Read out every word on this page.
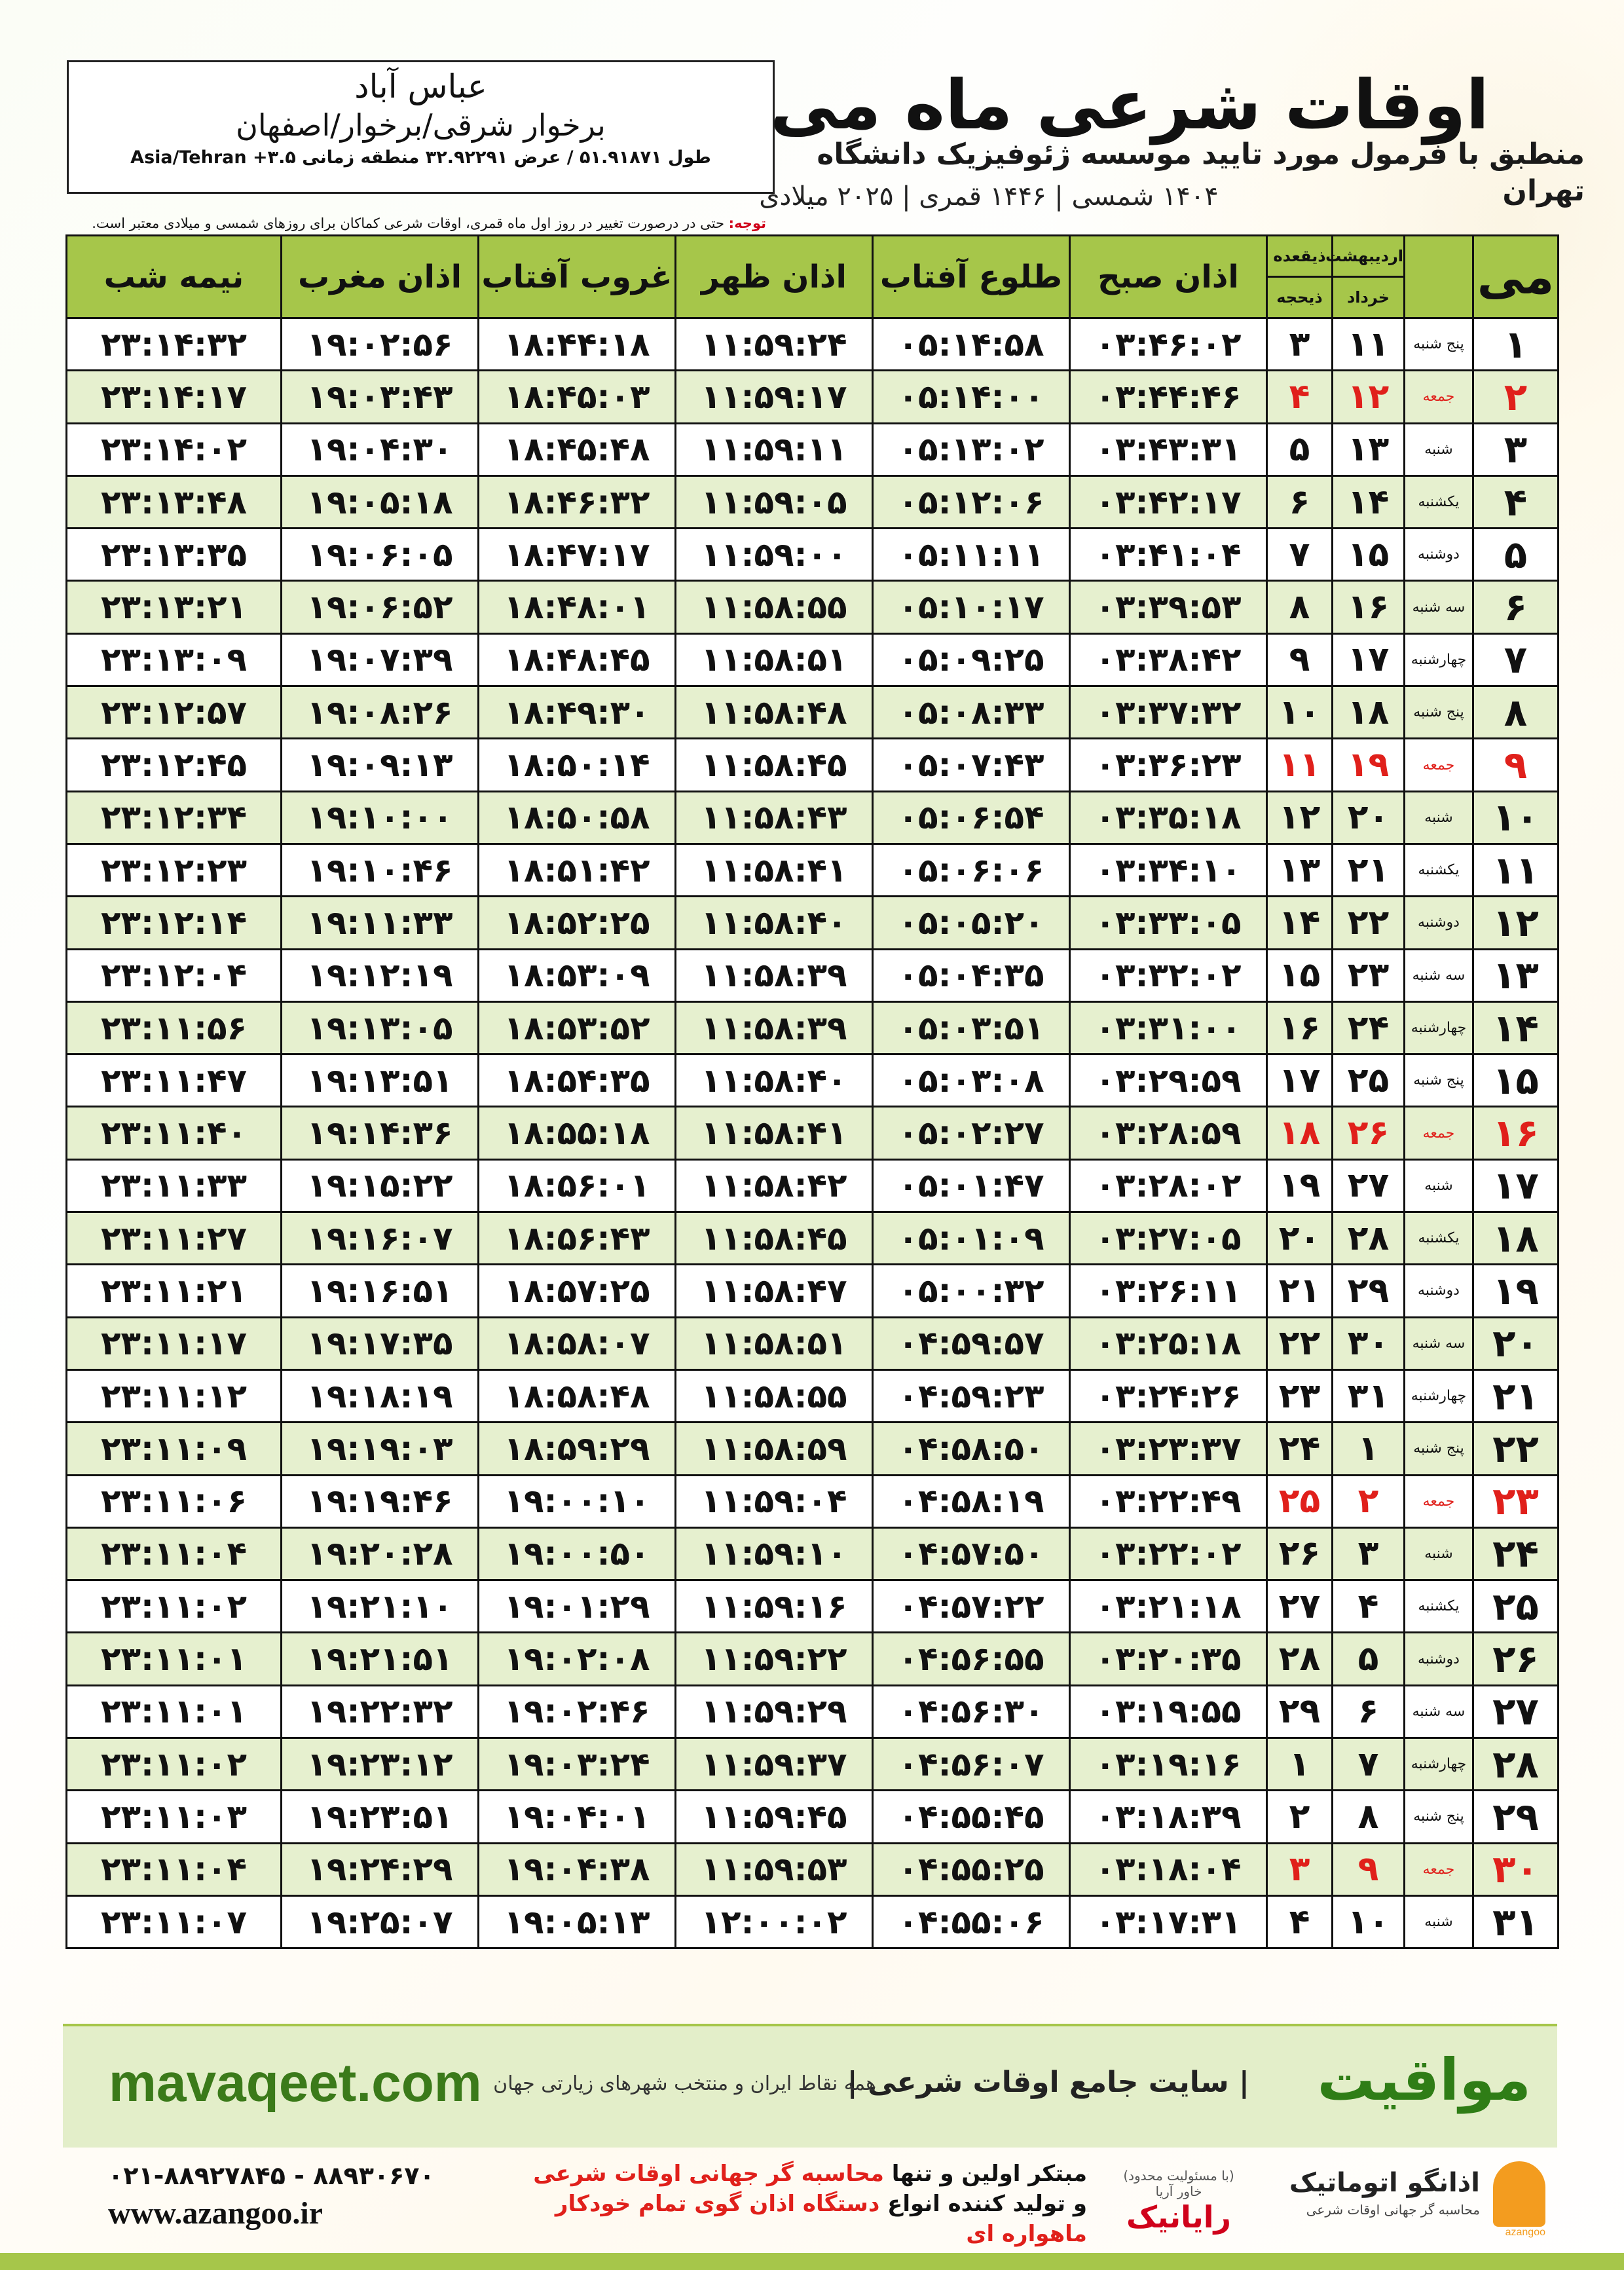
عباس آباد
برخوار شرقی/برخوار/اصفهان
طول ۵۱.۹۱۸۷۱ / عرض ۳۲.۹۲۲۹۱ منطقه زمانی ۳.۵+ Asia/Tehran
اوقات شرعی ماه می
منطبق با فرمول مورد تایید موسسه ژئوفیزیک دانشگاه تهران
۱۴۰۴ شمسی | ۱۴۴۶ قمری | ۲۰۲۵ میلادی
توجه: حتی در درصورت تغییر در روز اول ماه قمری، اوقات شرعی کماکان برای روزهای شمسی و میلادی معتبر است.
می		اردیبهشت	ذیقعده	اذان صبح	طلوع آفتاب	اذان ظهر	غروب آفتاب	اذان مغرب	نیمه شب
		خرداد	ذیحجه						
۱	پنج شنبه	۱۱	۳	۰۳:۴۶:۰۲	۰۵:۱۴:۵۸	۱۱:۵۹:۲۴	۱۸:۴۴:۱۸	۱۹:۰۲:۵۶	۲۳:۱۴:۳۲
۲	جمعه	۱۲	۴	۰۳:۴۴:۴۶	۰۵:۱۴:۰۰	۱۱:۵۹:۱۷	۱۸:۴۵:۰۳	۱۹:۰۳:۴۳	۲۳:۱۴:۱۷
۳	شنبه	۱۳	۵	۰۳:۴۳:۳۱	۰۵:۱۳:۰۲	۱۱:۵۹:۱۱	۱۸:۴۵:۴۸	۱۹:۰۴:۳۰	۲۳:۱۴:۰۲
۴	یکشنبه	۱۴	۶	۰۳:۴۲:۱۷	۰۵:۱۲:۰۶	۱۱:۵۹:۰۵	۱۸:۴۶:۳۲	۱۹:۰۵:۱۸	۲۳:۱۳:۴۸
۵	دوشنبه	۱۵	۷	۰۳:۴۱:۰۴	۰۵:۱۱:۱۱	۱۱:۵۹:۰۰	۱۸:۴۷:۱۷	۱۹:۰۶:۰۵	۲۳:۱۳:۳۵
۶	سه شنبه	۱۶	۸	۰۳:۳۹:۵۳	۰۵:۱۰:۱۷	۱۱:۵۸:۵۵	۱۸:۴۸:۰۱	۱۹:۰۶:۵۲	۲۳:۱۳:۲۱
۷	چهارشنبه	۱۷	۹	۰۳:۳۸:۴۲	۰۵:۰۹:۲۵	۱۱:۵۸:۵۱	۱۸:۴۸:۴۵	۱۹:۰۷:۳۹	۲۳:۱۳:۰۹
۸	پنج شنبه	۱۸	۱۰	۰۳:۳۷:۳۲	۰۵:۰۸:۳۳	۱۱:۵۸:۴۸	۱۸:۴۹:۳۰	۱۹:۰۸:۲۶	۲۳:۱۲:۵۷
۹	جمعه	۱۹	۱۱	۰۳:۳۶:۲۳	۰۵:۰۷:۴۳	۱۱:۵۸:۴۵	۱۸:۵۰:۱۴	۱۹:۰۹:۱۳	۲۳:۱۲:۴۵
۱۰	شنبه	۲۰	۱۲	۰۳:۳۵:۱۸	۰۵:۰۶:۵۴	۱۱:۵۸:۴۳	۱۸:۵۰:۵۸	۱۹:۱۰:۰۰	۲۳:۱۲:۳۴
۱۱	یکشنبه	۲۱	۱۳	۰۳:۳۴:۱۰	۰۵:۰۶:۰۶	۱۱:۵۸:۴۱	۱۸:۵۱:۴۲	۱۹:۱۰:۴۶	۲۳:۱۲:۲۳
۱۲	دوشنبه	۲۲	۱۴	۰۳:۳۳:۰۵	۰۵:۰۵:۲۰	۱۱:۵۸:۴۰	۱۸:۵۲:۲۵	۱۹:۱۱:۳۳	۲۳:۱۲:۱۴
۱۳	سه شنبه	۲۳	۱۵	۰۳:۳۲:۰۲	۰۵:۰۴:۳۵	۱۱:۵۸:۳۹	۱۸:۵۳:۰۹	۱۹:۱۲:۱۹	۲۳:۱۲:۰۴
۱۴	چهارشنبه	۲۴	۱۶	۰۳:۳۱:۰۰	۰۵:۰۳:۵۱	۱۱:۵۸:۳۹	۱۸:۵۳:۵۲	۱۹:۱۳:۰۵	۲۳:۱۱:۵۶
۱۵	پنج شنبه	۲۵	۱۷	۰۳:۲۹:۵۹	۰۵:۰۳:۰۸	۱۱:۵۸:۴۰	۱۸:۵۴:۳۵	۱۹:۱۳:۵۱	۲۳:۱۱:۴۷
۱۶	جمعه	۲۶	۱۸	۰۳:۲۸:۵۹	۰۵:۰۲:۲۷	۱۱:۵۸:۴۱	۱۸:۵۵:۱۸	۱۹:۱۴:۳۶	۲۳:۱۱:۴۰
۱۷	شنبه	۲۷	۱۹	۰۳:۲۸:۰۲	۰۵:۰۱:۴۷	۱۱:۵۸:۴۲	۱۸:۵۶:۰۱	۱۹:۱۵:۲۲	۲۳:۱۱:۳۳
۱۸	یکشنبه	۲۸	۲۰	۰۳:۲۷:۰۵	۰۵:۰۱:۰۹	۱۱:۵۸:۴۵	۱۸:۵۶:۴۳	۱۹:۱۶:۰۷	۲۳:۱۱:۲۷
۱۹	دوشنبه	۲۹	۲۱	۰۳:۲۶:۱۱	۰۵:۰۰:۳۲	۱۱:۵۸:۴۷	۱۸:۵۷:۲۵	۱۹:۱۶:۵۱	۲۳:۱۱:۲۱
۲۰	سه شنبه	۳۰	۲۲	۰۳:۲۵:۱۸	۰۴:۵۹:۵۷	۱۱:۵۸:۵۱	۱۸:۵۸:۰۷	۱۹:۱۷:۳۵	۲۳:۱۱:۱۷
۲۱	چهارشنبه	۳۱	۲۳	۰۳:۲۴:۲۶	۰۴:۵۹:۲۳	۱۱:۵۸:۵۵	۱۸:۵۸:۴۸	۱۹:۱۸:۱۹	۲۳:۱۱:۱۲
۲۲	پنج شنبه	۱	۲۴	۰۳:۲۳:۳۷	۰۴:۵۸:۵۰	۱۱:۵۸:۵۹	۱۸:۵۹:۲۹	۱۹:۱۹:۰۳	۲۳:۱۱:۰۹
۲۳	جمعه	۲	۲۵	۰۳:۲۲:۴۹	۰۴:۵۸:۱۹	۱۱:۵۹:۰۴	۱۹:۰۰:۱۰	۱۹:۱۹:۴۶	۲۳:۱۱:۰۶
۲۴	شنبه	۳	۲۶	۰۳:۲۲:۰۲	۰۴:۵۷:۵۰	۱۱:۵۹:۱۰	۱۹:۰۰:۵۰	۱۹:۲۰:۲۸	۲۳:۱۱:۰۴
۲۵	یکشنبه	۴	۲۷	۰۳:۲۱:۱۸	۰۴:۵۷:۲۲	۱۱:۵۹:۱۶	۱۹:۰۱:۲۹	۱۹:۲۱:۱۰	۲۳:۱۱:۰۲
۲۶	دوشنبه	۵	۲۸	۰۳:۲۰:۳۵	۰۴:۵۶:۵۵	۱۱:۵۹:۲۲	۱۹:۰۲:۰۸	۱۹:۲۱:۵۱	۲۳:۱۱:۰۱
۲۷	سه شنبه	۶	۲۹	۰۳:۱۹:۵۵	۰۴:۵۶:۳۰	۱۱:۵۹:۲۹	۱۹:۰۲:۴۶	۱۹:۲۲:۳۲	۲۳:۱۱:۰۱
۲۸	چهارشنبه	۷	۱	۰۳:۱۹:۱۶	۰۴:۵۶:۰۷	۱۱:۵۹:۳۷	۱۹:۰۳:۲۴	۱۹:۲۳:۱۲	۲۳:۱۱:۰۲
۲۹	پنج شنبه	۸	۲	۰۳:۱۸:۳۹	۰۴:۵۵:۴۵	۱۱:۵۹:۴۵	۱۹:۰۴:۰۱	۱۹:۲۳:۵۱	۲۳:۱۱:۰۳
۳۰	جمعه	۹	۳	۰۳:۱۸:۰۴	۰۴:۵۵:۲۵	۱۱:۵۹:۵۳	۱۹:۰۴:۳۸	۱۹:۲۴:۲۹	۲۳:۱۱:۰۴
۳۱	شنبه	۱۰	۴	۰۳:۱۷:۳۱	۰۴:۵۵:۰۶	۱۲:۰۰:۰۲	۱۹:۰۵:۱۳	۱۹:۲۵:۰۷	۲۳:۱۱:۰۷
mavaqeet.com	مواقیت
| سایت جامع اوقات شرعی |
همه نقاط ایران و منتخب شهرهای زیارتی جهان
۰۲۱-۸۸۹۲۷۸۴۵ - ۸۸۹۳۰۶۷۰
www.azangoo.ir
مبتکر اولین و تنها محاسبه گر جهانی اوقات شرعی
و تولید کننده انواع دستگاه اذان گوی تمام خودکار ماهواره ای
(با مسئولیت محدود) خاور آریا
رایانیک
اذانگو اتوماتیک
محاسبه گر جهانی اوقات شرعی
azangoo
